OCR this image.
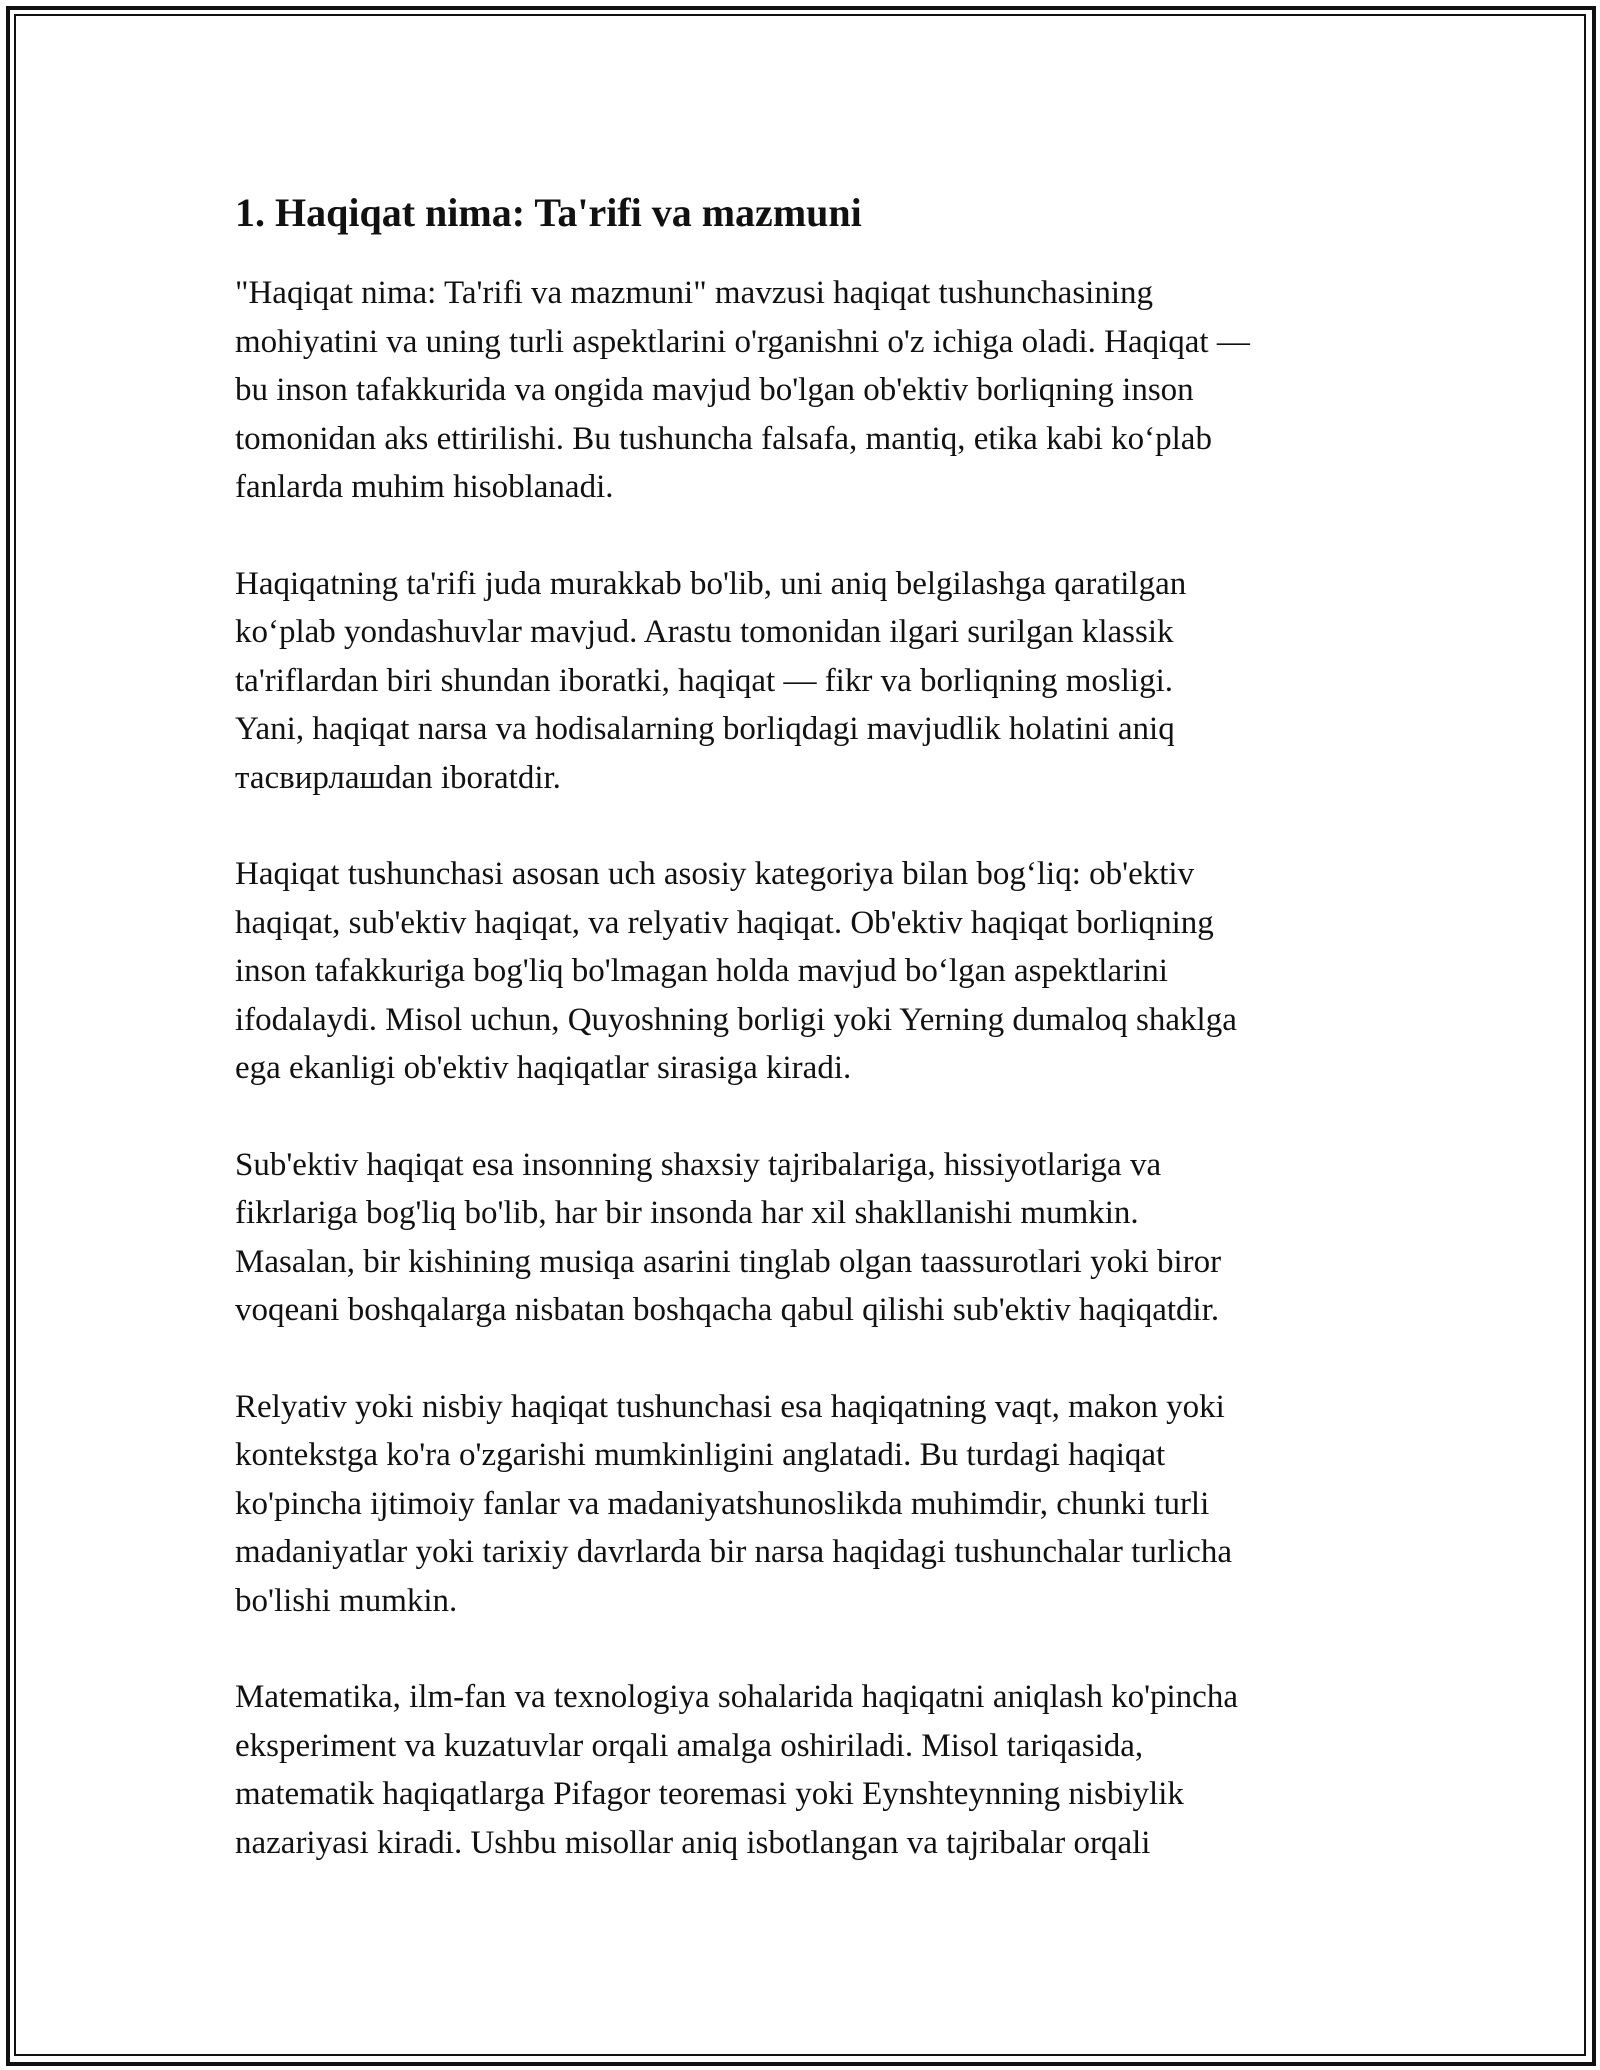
1. Haqiqat nima: Ta'rifi va mazmuni

"Haqiqat nima: Ta'rifi va mazmuni" mavzusi haqiqat tushunchasining
mohiyatini va uning turli aspektlarini o'rganishni o'z ichiga oladi. Haqiqat —
bu inson tafakkurida va ongida mavjud bo'lgan ob'ektiv borliqning inson
tomonidan aks ettirilishi. Bu tushuncha falsafa, mantiq, etika kabi ko‘plab
fanlarda muhim hisoblanadi.

Haqiqatning ta'rifi juda murakkab bo'lib, uni aniq belgilashga qaratilgan
ko‘plab yondashuvlar mavjud. Arastu tomonidan ilgari surilgan klassik
ta'riflardan biri shundan iboratki, haqiqat — fikr va borliqning mosligi.
Yani, haqiqat narsa va hodisalarning borliqdagi mavjudlik holatini aniq
тасвирлашdan iboratdir.

Haqiqat tushunchasi asosan uch asosiy kategoriya bilan bog‘liq: ob'ektiv
haqiqat, sub'ektiv haqiqat, va relyativ haqiqat. Ob'ektiv haqiqat borliqning
inson tafakkuriga bog'liq bo'lmagan holda mavjud bo‘lgan aspektlarini
ifodalaydi. Misol uchun, Quyoshning borligi yoki Yerning dumaloq shaklga
ega ekanligi ob'ektiv haqiqatlar sirasiga kiradi.

Sub'ektiv haqiqat esa insonning shaxsiy tajribalariga, hissiyotlariga va
fikrlariga bog'liq bo'lib, har bir insonda har xil shakllanishi mumkin.
Masalan, bir kishining musiqa asarini tinglab olgan taassurotlari yoki biror
voqeani boshqalarga nisbatan boshqacha qabul qilishi sub'ektiv haqiqatdir.

Relyativ yoki nisbiy haqiqat tushunchasi esa haqiqatning vaqt, makon yoki
kontekstga ko'ra o'zgarishi mumkinligini anglatadi. Bu turdagi haqiqat
ko'pincha ijtimoiy fanlar va madaniyatshunoslikda muhimdir, chunki turli
madaniyatlar yoki tarixiy davrlarda bir narsa haqidagi tushunchalar turlicha
bo'lishi mumkin.

Matematika, ilm-fan va texnologiya sohalarida haqiqatni aniqlash ko'pincha
eksperiment va kuzatuvlar orqali amalga oshiriladi. Misol tariqasida,
matematik haqiqatlarga Pifagor teoremasi yoki Eynshteynning nisbiylik
nazariyasi kiradi. Ushbu misollar aniq isbotlangan va tajribalar orqali
